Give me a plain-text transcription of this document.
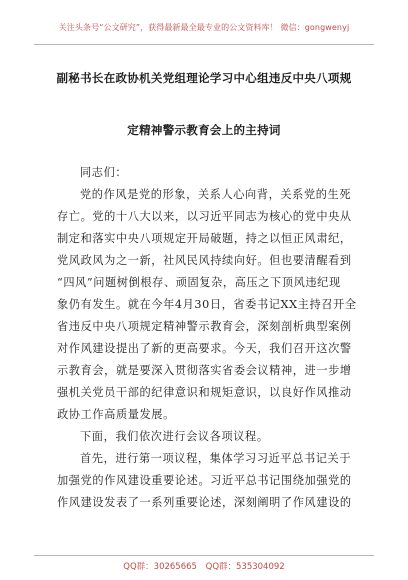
关注头条号“公文研究”，获得最新最全最专业的公文资料库！ 微信：gongwenyj
副秘书长在政协机关党组理论学习中心组违反中央八项规
定精神警示教育会上的主持词

同志们：

党的作风是党的形象，关系人心向背，关系党的生死
存亡。党的十八大以来，以习近平同志为核心的党中央从
制定和落实中央八项规定开局破题，持之以恒正风肃纪，
党风政风为之一新，社风民风持续向好。但也要清醒看到
“四风”问题树倒根存、顽固复杂，高压之下顶风违纪现
象仍有发生。就在今年4月30日，省委书记XX主持召开全
省违反中央八项规定精神警示教育会，深刻剖析典型案例
对作风建设提出了新的更高要求。今天，我们召开这次警
示教育会，就是要深入贯彻落实省委会议精神，进一步增
强机关党员干部的纪律意识和规矩意识，以良好作风推动
政协工作高质量发展。

下面，我们依次进行会议各项议程。

首先，进行第一项议程，集体学习习近平总书记关于
加强党的作风建设重要论述。习近平总书记围绕加强党的
作风建设发表了一系列重要论述，深刻阐明了作风建设的

QQ群：30265665 QQ群：535304092
